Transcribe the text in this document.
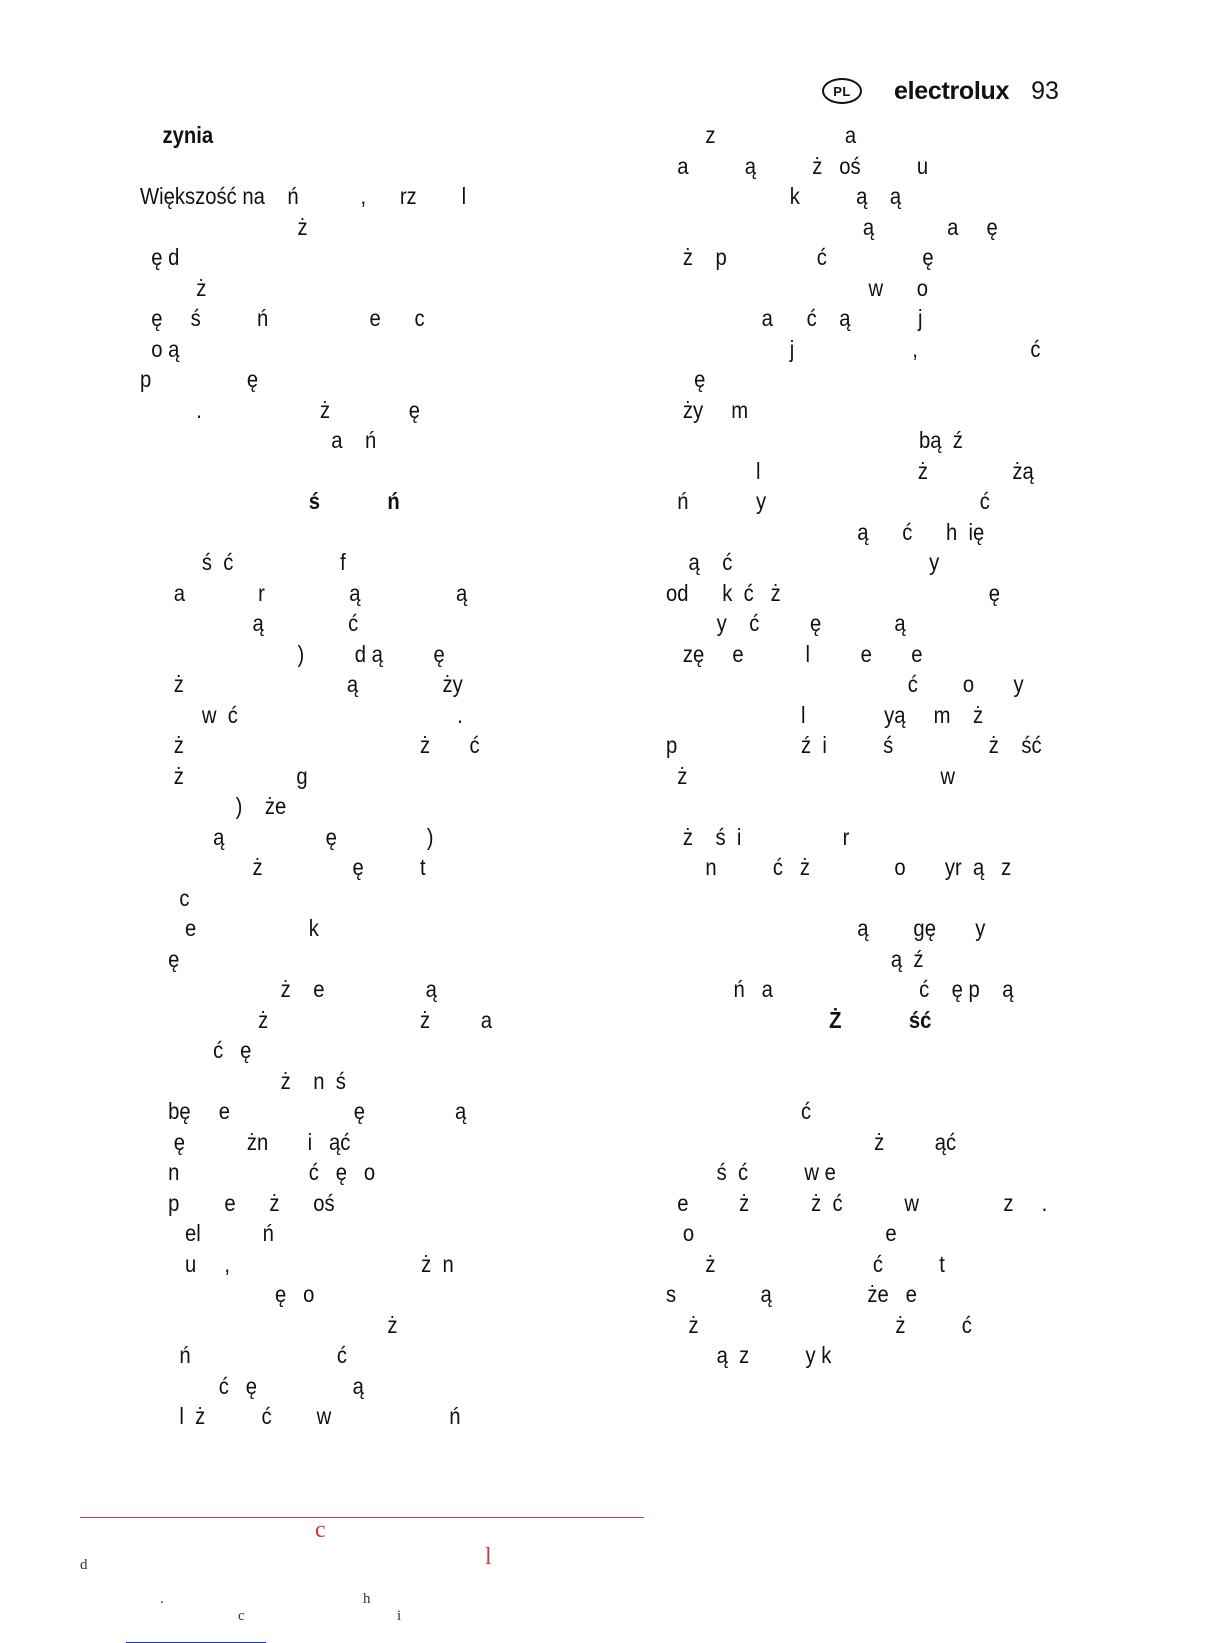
PL	electrolux 93
zynia
Większość na    ń           ,      rz        l
ż
ę d
ż
ę     ś          ń                  e      c
o ą
p                 ę
.                     ż              ę
a    ń
ś            ń
ś  ć                   f
a             r               ą                 ą
ą               ć
)         d ą         ę
ż                             ą               ży
w  ć                                       .
ż                                          ż       ć
ż                    g
)    że
ą                  ę                )
ż                ę          t
c
e                    k
ę
ż    e                  ą
ż                           ż         a
ć   ę
ż    n  ś
bę     e                      ę                ą
ę           żn       i   ąć
n                       ć   ę   o
p        e      ż      oś
el           ń
u     ,                                  ż  n
ę   o
ż
ń                          ć
ć   ę                 ą
l  ż          ć        w                     ń
z                       a
a          ą          ż   oś          u
k          ą    ą
ą             a     ę
ż    p                ć                 ę
w      o
a      ć    ą            j
j                     ,                    ć
ę
ży     m
bą  ź
l                            ż               żą
ń            y                                      ć
ą      ć      h  ię
ą    ć                                   y
od      k  ć   ż                                     ę
y    ć         ę             ą
zę     e           l         e       e
ć        o       y
l              yą     m    ż
p                      ź  i          ś                 ż    ść
ż                                             w
ż    ś  i                  r
n          ć   ż               o       yr  ą   z
ą        gę       y
ą  ź
ń   a                          ć    ę p    ą
Ż            ść
ć
ż         ąć
ś  ć          w e
e         ż           ż  ć           w               z     .
o                                  e
ż                            ć          t
s               ą                 że   e
ż                                   ż          ć
ą  z          y k

c

l

d

.

c

h

i
